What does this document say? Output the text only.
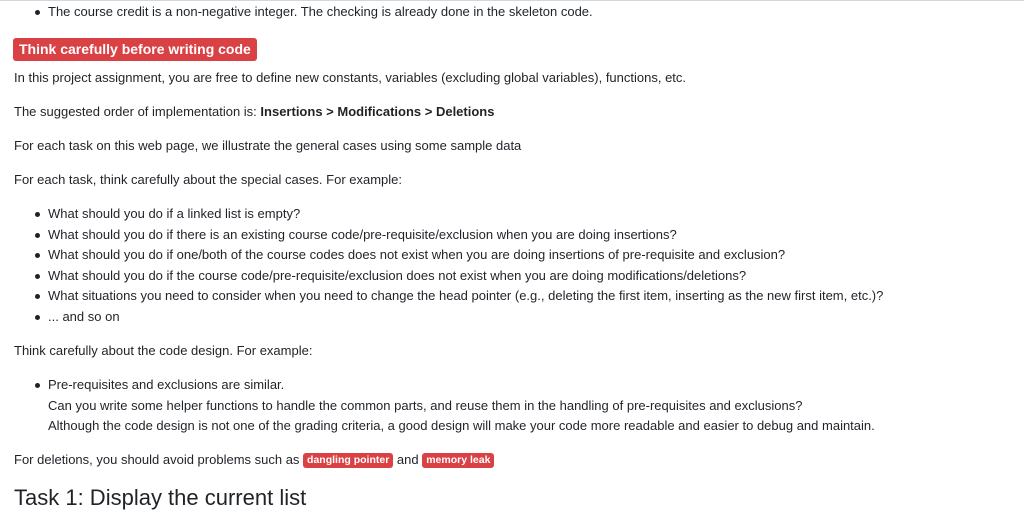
The course credit is a non-negative integer. The checking is already done in the skeleton code.
Think carefully before writing code
In this project assignment, you are free to define new constants, variables (excluding global variables), functions, etc.
The suggested order of implementation is: Insertions > Modifications > Deletions
For each task on this web page, we illustrate the general cases using some sample data
For each task, think carefully about the special cases. For example:
What should you do if a linked list is empty?
What should you do if there is an existing course code/pre-requisite/exclusion when you are doing insertions?
What should you do if one/both of the course codes does not exist when you are doing insertions of pre-requisite and exclusion?
What should you do if the course code/pre-requisite/exclusion does not exist when you are doing modifications/deletions?
What situations you need to consider when you need to change the head pointer (e.g., deleting the first item, inserting as the new first item, etc.)?
... and so on
Think carefully about the code design. For example:
Pre-requisites and exclusions are similar.
Can you write some helper functions to handle the common parts, and reuse them in the handling of pre-requisites and exclusions?
Although the code design is not one of the grading criteria, a good design will make your code more readable and easier to debug and maintain.
For deletions, you should avoid problems such as dangling pointer and memory leak
Task 1: Display the current list
